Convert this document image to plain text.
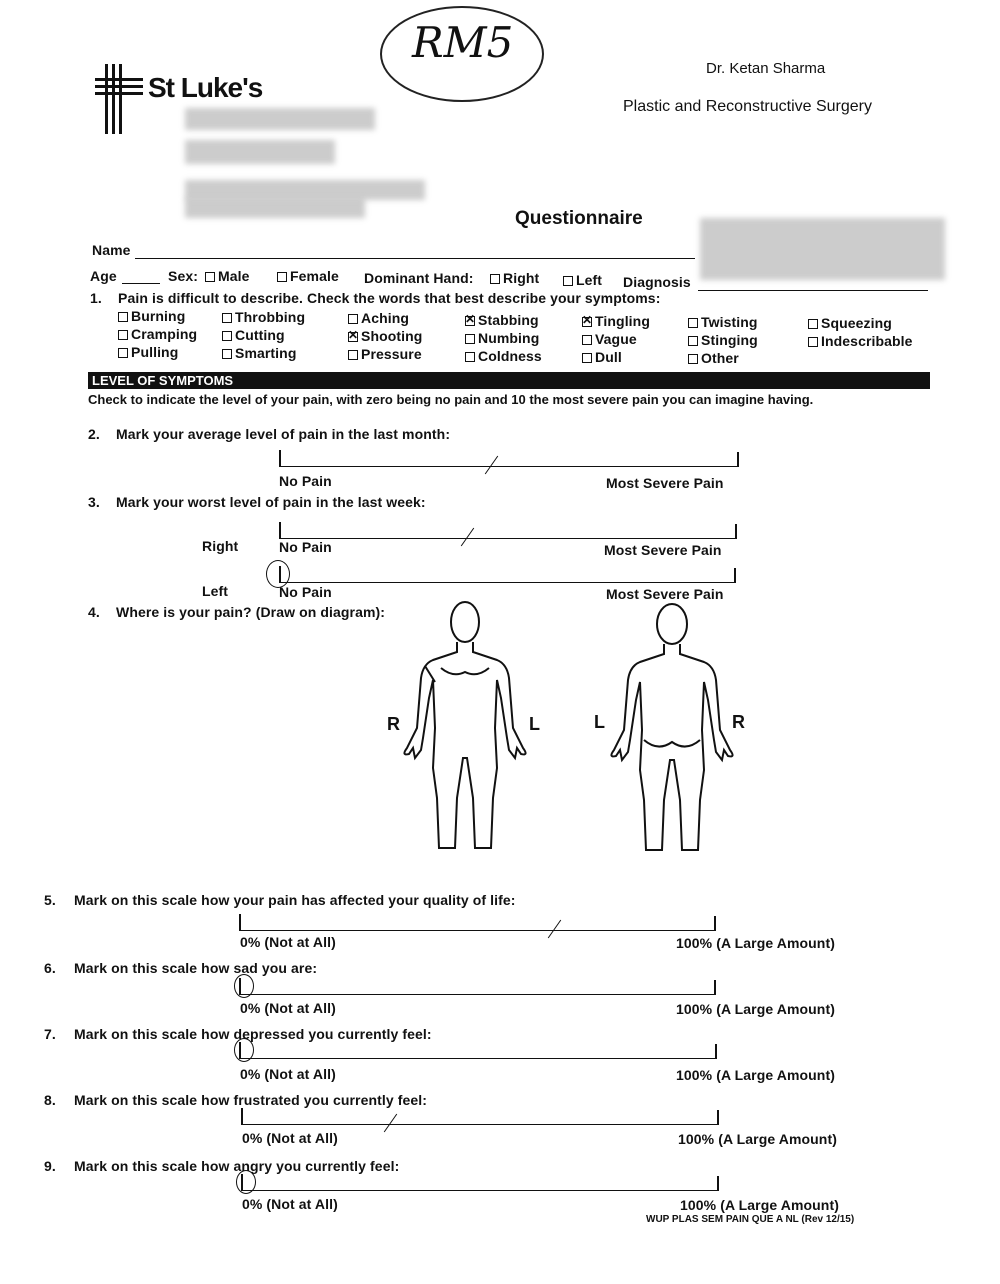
RM5
St Luke's
Dr. Ketan Sharma
Plastic and Reconstructive Surgery
Questionnaire
Name
Age	Sex:	Male	Female Dominant Hand:	Right	Left Diagnosis
1. Pain is difficult to describe. Check the words that best describe your symptoms:
Burning	Throbbing	Aching ✕	Stabbing ✕	Tingling	Twisting	Squeezing
Cramping	Cutting ✕	Shooting	Numbing	Vague	Stinging	Indescribable
Pulling	Smarting	Pressure	Coldness	Dull	Other
LEVEL OF SYMPTOMS
Check to indicate the level of your pain, with zero being no pain and 10 the most severe pain you can imagine having.
2. Mark your average level of pain in the last month:
No Pain	Most Severe Pain
3. Mark your worst level of pain in the last week:
Right	No Pain	Most Severe Pain
Left	No Pain	Most Severe Pain
4. Where is your pain? (Draw on diagram):
R	L	L	R
5. Mark on this scale how your pain has affected your quality of life:
0% (Not at All)	100% (A Large Amount)
6. Mark on this scale how sad you are:
0% (Not at All)	100% (A Large Amount)
7. Mark on this scale how depressed you currently feel:
0% (Not at All)	100% (A Large Amount)
8. Mark on this scale how frustrated you currently feel:
0% (Not at All)	100% (A Large Amount)
9. Mark on this scale how angry you currently feel:
0% (Not at All)	100% (A Large Amount)
WUP PLAS SEM PAIN QUE A NL (Rev 12/15)
